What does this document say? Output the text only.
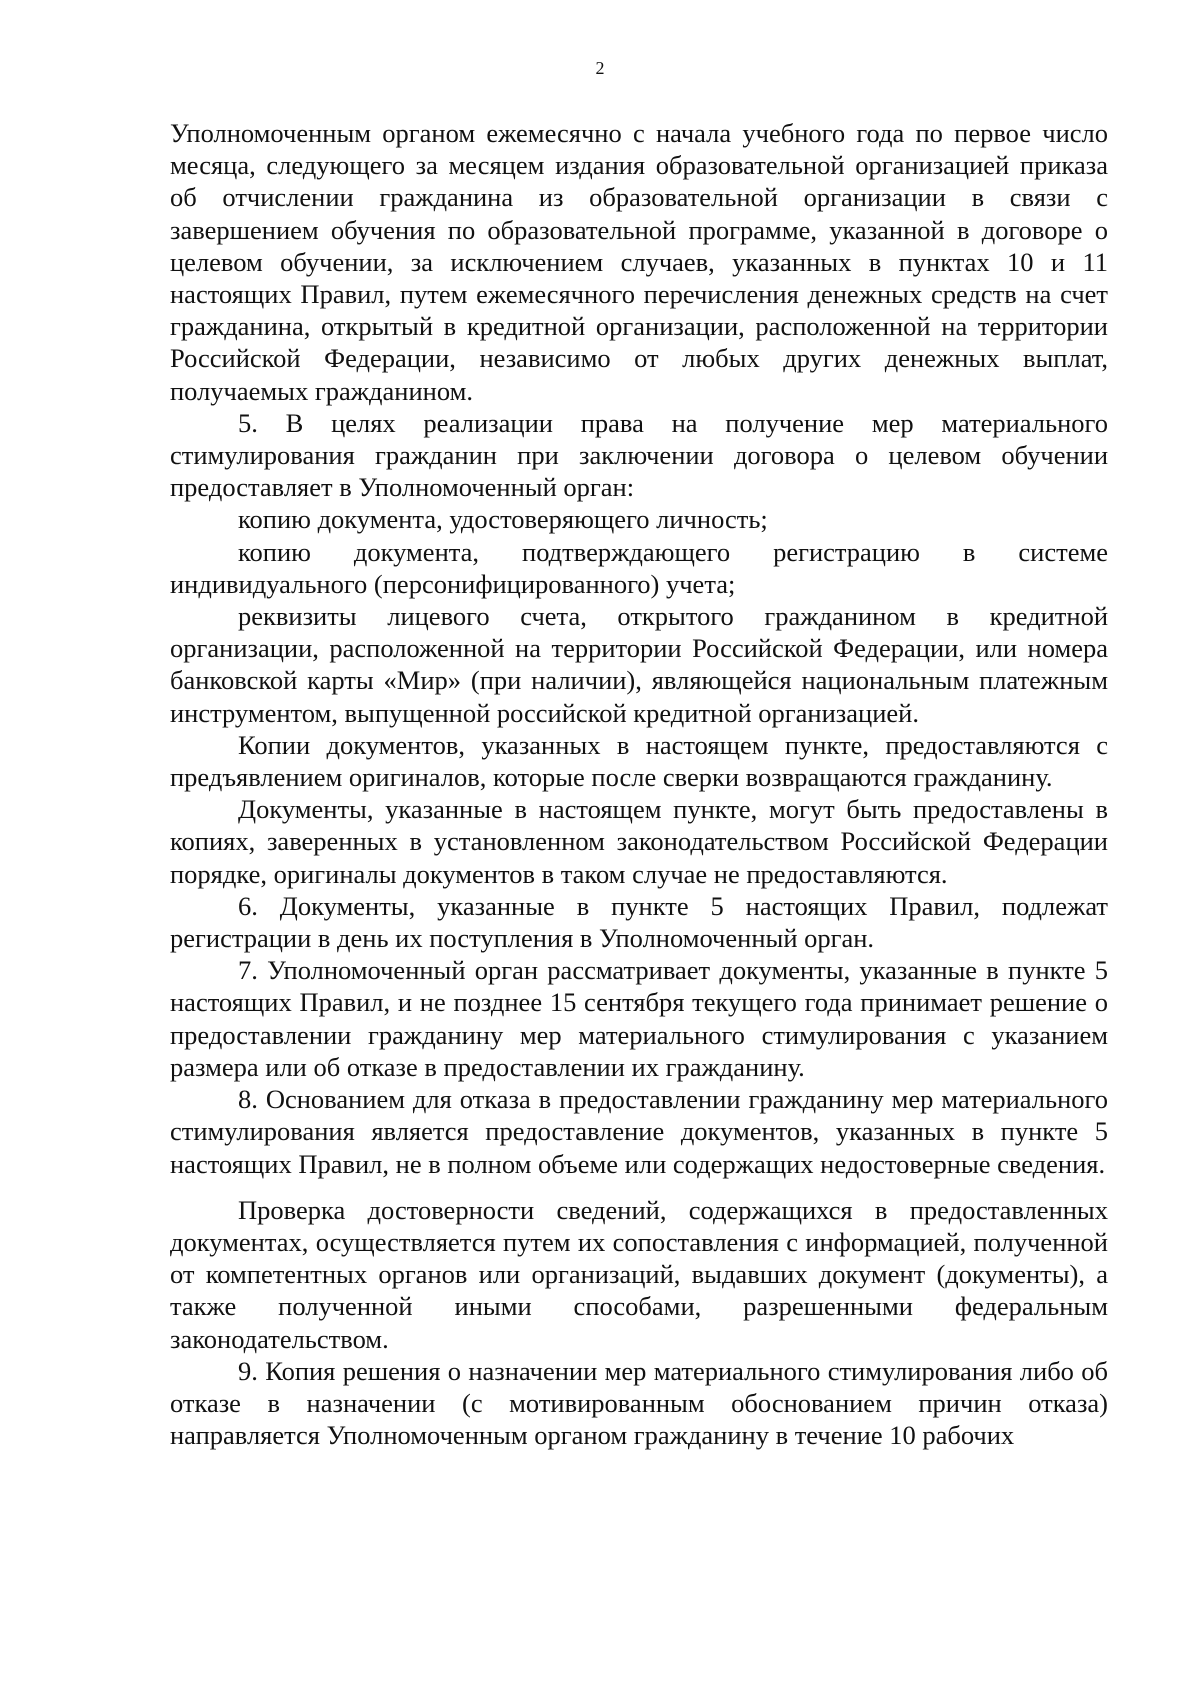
2

Уполномоченным органом ежемесячно с начала учебного года по первое число месяца, следующего за месяцем издания образовательной организацией приказа об отчислении гражданина из образовательной организации в связи с завершением обучения по образовательной программе, указанной в договоре о целевом обучении, за исключением случаев, указанных в пунктах 10 и 11 настоящих Правил, путем ежемесячного перечисления денежных средств на счет гражданина, открытый в кредитной организации, расположенной на территории Российской Федерации, независимо от любых других денежных выплат, получаемых гражданином.

5. В целях реализации права на получение мер материального стимулирования гражданин при заключении договора о целевом обучении предоставляет в Уполномоченный орган:

копию документа, удостоверяющего личность;

копию документа, подтверждающего регистрацию в системе индивидуального (персонифицированного) учета;

реквизиты лицевого счета, открытого гражданином в кредитной организации, расположенной на территории Российской Федерации, или номера банковской карты «Мир» (при наличии), являющейся национальным платежным инструментом, выпущенной российской кредитной организацией.

Копии документов, указанных в настоящем пункте, предоставляются с предъявлением оригиналов, которые после сверки возвращаются гражданину.

Документы, указанные в настоящем пункте, могут быть предоставлены в копиях, заверенных в установленном законодательством Российской Федерации порядке, оригиналы документов в таком случае не предоставляются.

6. Документы, указанные в пункте 5 настоящих Правил, подлежат регистрации в день их поступления в Уполномоченный орган.

7. Уполномоченный орган рассматривает документы, указанные в пункте 5 настоящих Правил, и не позднее 15 сентября текущего года принимает решение о предоставлении гражданину мер материального стимулирования с указанием размера или об отказе в предоставлении их гражданину.

8. Основанием для отказа в предоставлении гражданину мер материального стимулирования является предоставление документов, указанных в пункте 5 настоящих Правил, не в полном объеме или содержащих недостоверные сведения.

Проверка достоверности сведений, содержащихся в предоставленных документах, осуществляется путем их сопоставления с информацией, полученной от компетентных органов или организаций, выдавших документ (документы), а также полученной иными способами, разрешенными федеральным законодательством.

9. Копия решения о назначении мер материального стимулирования либо об отказе в назначении (с мотивированным обоснованием причин отказа) направляется Уполномоченным органом гражданину в течение 10 рабочих
